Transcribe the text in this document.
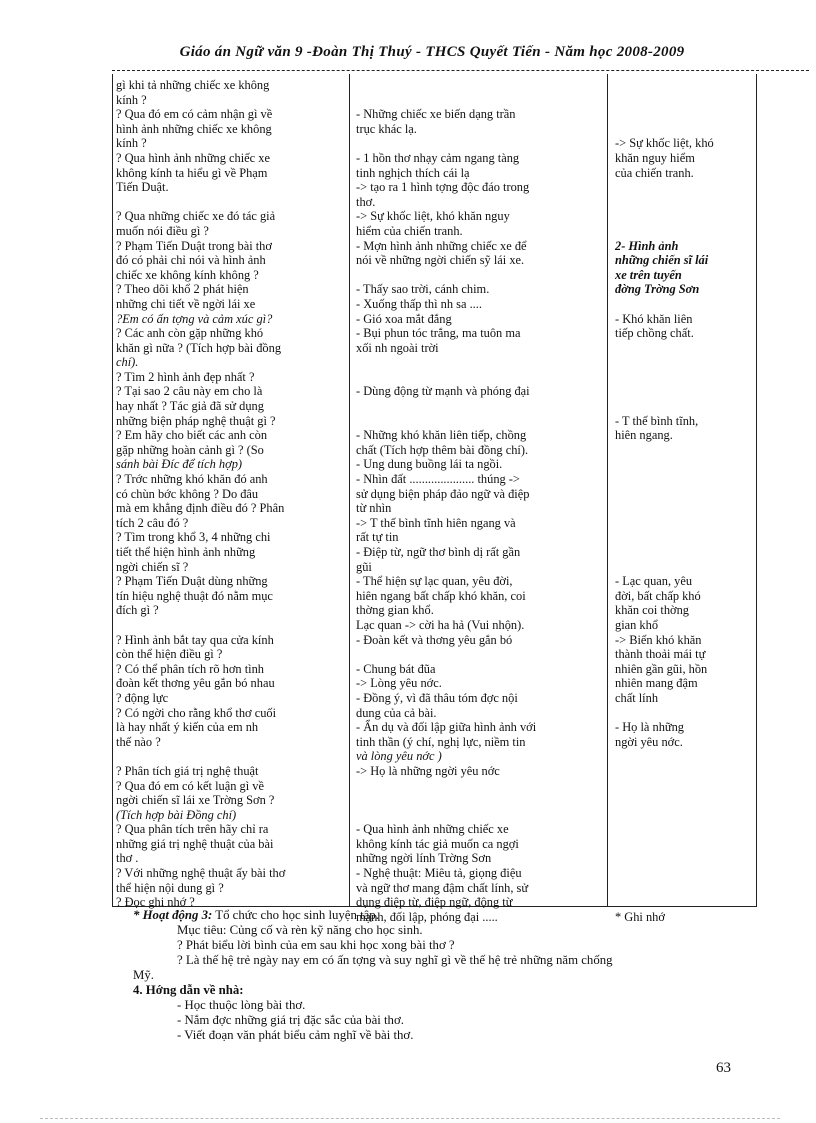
Giáo án Ngữ văn 9 -Đoàn Thị Thuý - THCS Quyết Tiến - Năm học 2008-2009
gì khi tả những chiếc xe không
kính ?
? Qua đó em có cảm nhận gì về
hình ảnh những chiếc xe không
kính ?
? Qua hình ảnh những chiếc xe
không kính ta hiểu gì về Phạm
Tiến Duật.
? Qua những chiếc xe đó tác giả
muốn nói điều gì ?
? Phạm Tiến Duật trong bài thơ
đó có phải chỉ nói và hình ảnh
chiếc xe không kính không ?
? Theo dõi khổ 2 phát hiện
những chi tiết về ngời lái xe
?Em có ấn tợng và cảm xúc gì?
? Các anh còn gặp những khó
khăn gì nữa ? (Tích hợp bài đồng
chí).
? Tìm 2 hình ảnh đẹp nhất ?
? Tại sao 2 câu này em cho là
hay nhất ? Tác giả đã sử dụng
những biện pháp nghệ thuật gì ?
? Em hãy cho biết các anh còn
gặp những hoàn cảnh gì ? (So
sánh bài Đíc để tích hợp)
? Trớc những khó khăn đó anh
có chùn bớc không ? Do đâu
mà em khẳng định điều đó ? Phân
tích 2 câu đó ?
? Tìm trong khổ 3, 4 những chi
tiết thể hiện hình ảnh những
ngời chiến sĩ ?
? Phạm Tiến Duật dùng những
tín hiệu nghệ thuật đó nằm mục
đích gì ?
? Hình ảnh bắt tay qua cửa kính
còn thể hiện điều gì ?
? Có thể phân tích rõ hơn tình
đoàn kết thơng yêu gắn bó nhau
? động lực
? Có ngời cho rằng khổ thơ cuối
là hay nhất ý kiến của em nh
thế nào ?
? Phân tích giá trị nghệ thuật
? Qua đó em có kết luận gì về
ngời chiến sĩ lái xe Trờng Sơn ?
(Tích hợp bài Đồng chí)
? Qua phân tích trên hãy chỉ ra
những giá trị nghệ thuật của bài
thơ .
? Với những nghệ thuật ấy bài thơ
thể hiện nội dung gì ?
? Đọc ghi nhớ ?
- Những chiếc xe biến dạng trần
trục khác lạ.
- 1 hồn thơ nhạy cảm ngang tàng
tinh nghịch thích cái lạ
-> tạo ra 1 hình tợng độc đáo trong
thơ.
-> Sự khốc liệt, khó khăn nguy
hiểm của chiến tranh.
- Mợn hình ảnh những chiếc xe để
nói về những ngời chiến sỹ lái xe.
- Thấy sao trời, cánh chim.
- Xuống thấp thì nh sa ....
- Gió xoa mắt đắng
- Bụi phun tóc trắng, ma tuôn ma
xối nh ngoài trời
- Dùng động từ mạnh và phóng đại
- Những khó khăn liên tiếp, chồng
chất (Tích hợp thêm bài đồng chí).
- Ung dung buồng lái ta ngồi.
- Nhìn đất ..................... thúng ->
sử dụng biện pháp đảo ngữ và điệp
từ nhìn
-> T thế bình tĩnh hiên ngang và
rất tự tin
- Điệp từ, ngữ thơ bình dị rất gần
gũi
- Thể hiện sự lạc quan, yêu đời,
hiên ngang bất chấp khó khăn, coi
thờng gian khổ.
Lạc quan -> cời ha hả (Vui nhộn).
- Đoàn kết và thơng yêu gắn bó
- Chung bát đũa
-> Lòng yêu nớc.
- Đồng ý, vì đã thâu tóm đợc nội
dung của cả bài.
- Ẩn dụ và đối lập giữa hình ảnh với
tinh thần (ý chí, nghị lực, niềm tin
và lòng yêu nớc )
-> Họ là những ngời yêu nớc
- Qua hình ảnh những chiếc xe
không kính tác giả muốn ca ngợi
những ngời lính Trờng Sơn
- Nghệ thuật: Miêu tả, giọng điệu
và ngữ thơ mang đậm chất lính, sử
dụng điệp từ, điệp ngữ, động từ
mạnh, đối lập, phóng đại .....
-> Sự khốc liệt, khó
khăn nguy hiểm
của chiến tranh.
2- Hình ảnh
những chiến sĩ lái
xe trên tuyến
đờng Trờng Sơn
- Khó khăn liên
tiếp chồng chất.
- T thế bình tĩnh,
hiên ngang.
- Lạc quan, yêu
đời, bất chấp khó
khăn coi thờng
gian khổ
-> Biến khó khăn
thành thoải mái tự
nhiên gần gũi, hồn
nhiên mang đậm
chất lính
- Họ là những
ngời yêu nớc.
* Ghi nhớ
* Hoạt động 3: Tổ chức cho học sinh luyện tập.
Mục tiêu: Củng cố và rèn kỹ năng cho học sinh.
? Phát biểu lời bình của em sau khi học xong bài thơ ?
? Là thế hệ trẻ ngày nay em có ấn tợng và suy nghĩ gì về thế hệ trẻ những năm chống
Mỹ.
4. Hớng dẫn về nhà:
- Học thuộc lòng bài thơ.
- Nắm đợc những giá trị đặc sắc của bài thơ.
- Viết đoạn văn phát biểu cảm nghĩ về bài thơ.
63
